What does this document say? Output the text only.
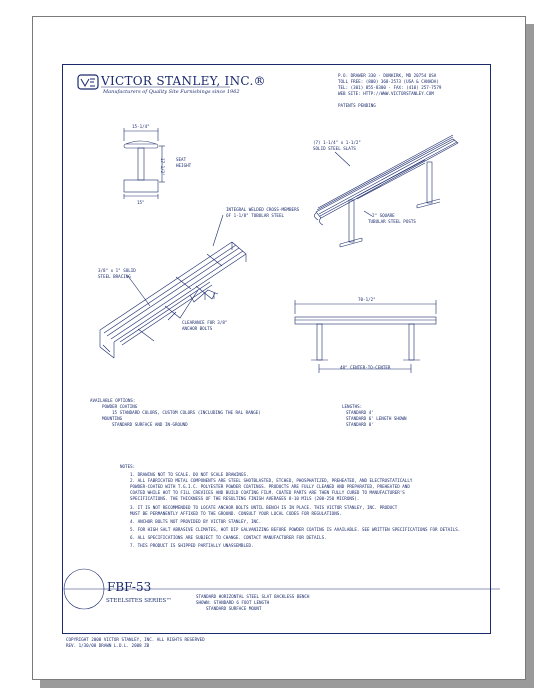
VICTOR STANLEY, INC.®
Manufacturers of Quality Site Furnishings since 1962
P.O. DRAWER 330 · DUNKIRK, MD 20754 USA
TOLL FREE: (800) 368-2573 (USA & CANADA)
TEL: (301) 855-8300 · FAX: (410) 257-7579
WEB SITE: HTTP://WWW.VICTORSTANLEY.COM
PATENTS PENDING
15-1/4"
17-1/2"	SEAT
HEIGHT
15"
(7) 1-1/4" x 1-1/2"
SOLID STEEL SLATS
2" SQUARE
TUBULAR STEEL POSTS
INTEGRAL WELDED CROSS-MEMBERS
OF 1-1/8" TUBULAR STEEL
3/8" x 1" SOLID
STEEL BRACING
CLEARANCE FOR 3/8"
ANCHOR BOLTS
70-1/2"
48" CENTER-TO-CENTER
AVAILABLE OPTIONS:
POWDER COATING
15 STANDARD COLORS, CUSTOM COLORS (INCLUDING THE RAL RANGE)
MOUNTING
STANDARD SURFACE AND IN-GROUND
LENGTHS:
STANDARD 4'
STANDARD 6' LENGTH SHOWN
STANDARD 8'
NOTES:
1. DRAWING NOT TO SCALE. DO NOT SCALE DRAWINGS.
2. ALL FABRICATED METAL COMPONENTS ARE STEEL SHOTBLASTED, ETCHED, PHOSPHATIZED, PREHEATED, AND ELECTROSTATICALLY
POWDER-COATED WITH T.G.I.C. POLYESTER POWDER COATINGS. PRODUCTS ARE FULLY CLEANED AND PREPARATED, PREHEATED AND
COATED WHILE HOT TO FILL CREVICES AND BUILD COATING FILM. COATED PARTS ARE THEN FULLY CURED TO MANUFACTURER'S
SPECIFICATIONS. THE THICKNESS OF THE RESULTING FINISH AVERAGES 8-10 MILS (200-250 MICRONS).
3. IT IS NOT RECOMMENDED TO LOCATE ANCHOR BOLTS UNTIL BENCH IS IN PLACE. THIS VICTOR STANLEY, INC. PRODUCT
MUST BE PERMANENTLY AFFIXED TO THE GROUND. CONSULT YOUR LOCAL CODES FOR REGULATIONS.
4. ANCHOR BOLTS NOT PROVIDED BY VICTOR STANLEY, INC.
5. FOR HIGH SALT ABRASIVE CLIMATES, HOT DIP GALVANIZING BEFORE POWDER COATING IS AVAILABLE. SEE WRITTEN SPECIFICATIONS FOR DETAILS.
6. ALL SPECIFICATIONS ARE SUBJECT TO CHANGE. CONTACT MANUFACTURER FOR DETAILS.
7. THIS PRODUCT IS SHIPPED PARTIALLY UNASSEMBLED.
FBF-53
STEELSITES SERIES™
STANDARD HORIZONTAL STEEL SLAT BACKLESS BENCH
SHOWN: STANDARD 6 FOOT LENGTH
STANDARD SURFACE MOUNT
COPYRIGHT 2008 VICTOR STANLEY, INC. ALL RIGHTS RESERVED
REV. 1/30/08 DRAWN L.D.L. 2008 ZB
